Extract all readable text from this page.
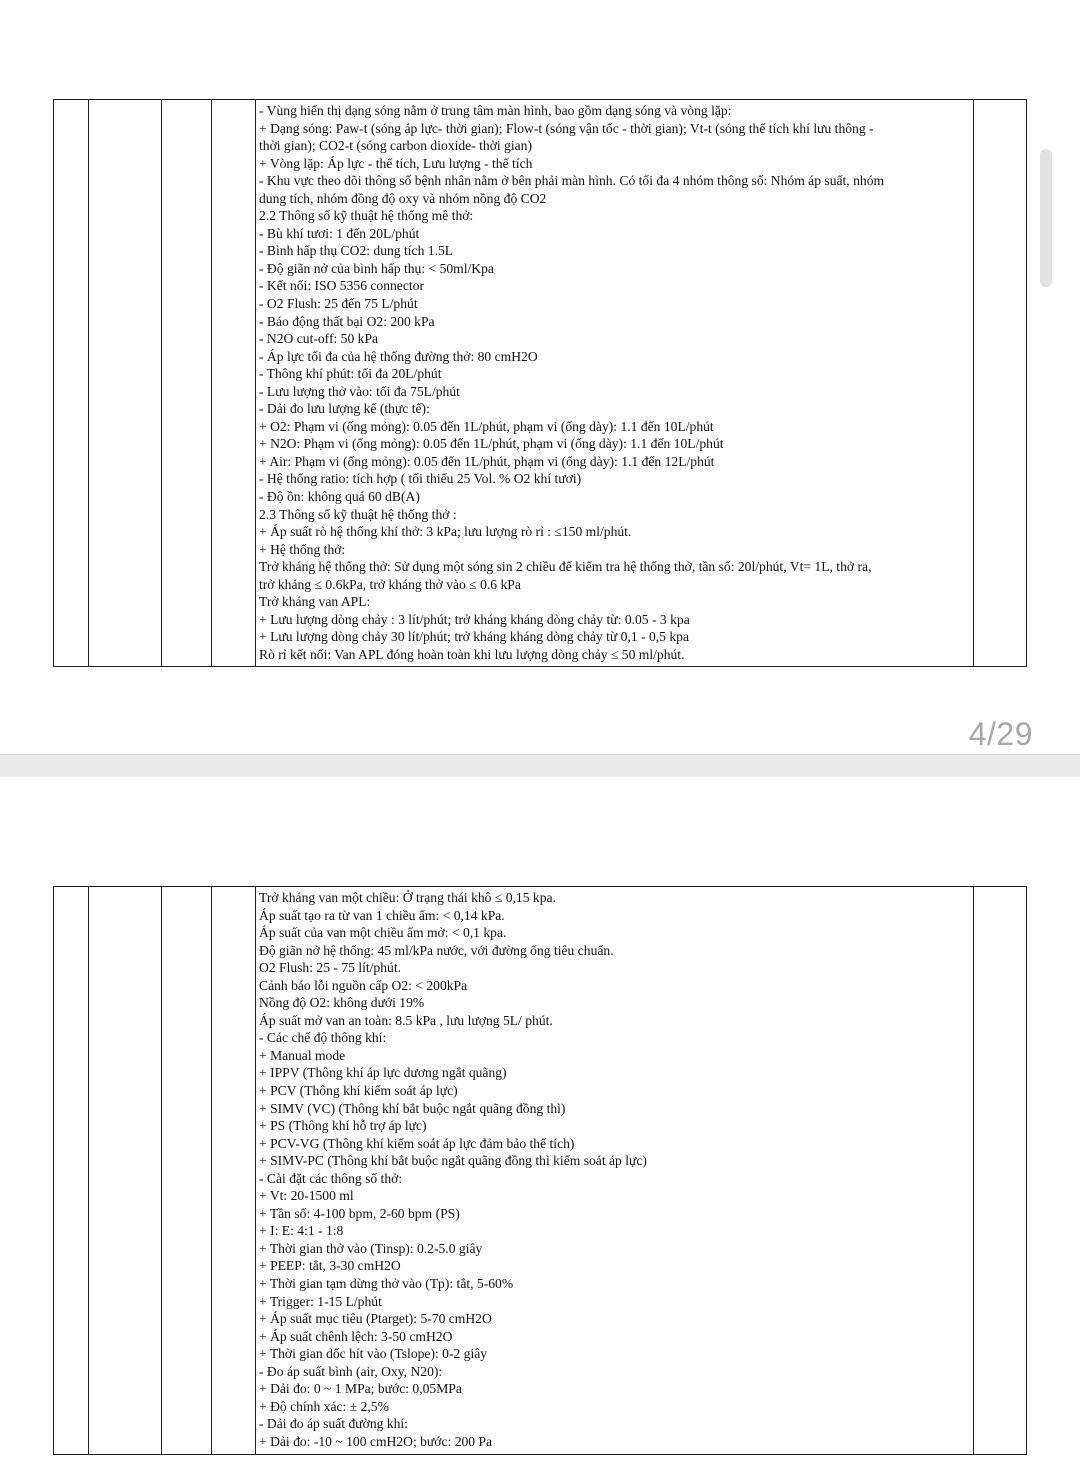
- Vùng hiển thị dạng sóng nằm ở trung tâm màn hình, bao gồm dạng sóng và vòng lặp:
+ Dạng sóng: Paw-t (sóng áp lực- thời gian); Flow-t (sóng vận tốc - thời gian); Vt-t (sóng thể tích khí lưu thông -
thời gian); CO2-t (sóng carbon dioxide- thời gian)
+ Vòng lặp: Áp lực - thể tích, Lưu lượng - thể tích
- Khu vực theo dõi thông số bệnh nhân nằm ở bên phải màn hình. Có tối đa 4 nhóm thông số: Nhóm áp suất, nhóm
dung tích, nhóm đồng độ oxy và nhóm nồng độ CO2
2.2 Thông số kỹ thuật hệ thống mê thở:
- Bù khí tươi: 1 đến 20L/phút
- Bình hấp thụ CO2: dung tích 1.5L
- Độ giãn nở của bình hấp thụ: < 50ml/Kpa
- Kết nối: ISO 5356 connector
- O2 Flush: 25 đến 75 L/phút
- Báo động thất bại O2: 200 kPa
- N2O cut-off: 50 kPa
- Áp lực tối đa của hệ thống đường thở: 80 cmH2O
- Thông khí phút: tối đa 20L/phút
- Lưu lượng thở vào: tối đa 75L/phút
- Dải đo lưu lượng kế (thực tế):
+ O2: Phạm vi (ống mỏng): 0.05 đến 1L/phút, phạm vi (ống dày): 1.1 đến 10L/phút
+ N2O: Phạm vi (ống mỏng): 0.05 đến 1L/phút, phạm vi (ống dày): 1.1 đến 10L/phút
+ Air: Phạm vi (ống mỏng): 0.05 đến 1L/phút, phạm vi (ống dày): 1.1 đến 12L/phút
- Hệ thống ratio: tích hợp ( tối thiểu 25 Vol. % O2 khí tươi)
- Độ ồn: không quá 60 dB(A)
2.3 Thông số kỹ thuật hệ thống thở :
+ Áp suất rò hệ thống khí thở: 3 kPa; lưu lượng rò rỉ : ≤150 ml/phút.
+ Hệ thống thở:
Trở kháng hệ thống thở: Sử dụng một sóng sin 2 chiều để kiểm tra hệ thống thở, tần số: 20l/phút, Vt= 1L, thở ra,
trở kháng ≤ 0.6kPa, trở kháng thở vào ≤ 0.6 kPa
Trở kháng van APL:
+ Lưu lượng dòng chảy : 3 lít/phút; trở kháng kháng dòng chảy từ: 0.05 - 3 kpa
+ Lưu lượng dòng chảy 30 lít/phút; trở kháng kháng dòng chảy từ 0,1 - 0,5 kpa
Rò rỉ kết nối: Van APL đóng hoàn toàn khi lưu lượng dòng chảy ≤ 50 ml/phút.
4/29
Trở kháng van một chiều: Ở trạng thái khô ≤ 0,15 kpa.
Áp suất tạo ra từ van 1 chiều ẩm: < 0,14 kPa.
Áp suất của van một chiều ẩm mở: < 0,1 kpa.
Độ giãn nở hệ thống: 45 ml/kPa nước, với đường ống tiêu chuẩn.
O2 Flush: 25 - 75 lít/phút.
Cảnh báo lỗi nguồn cấp O2: < 200kPa
Nồng độ O2: không dưới 19%
Áp suất mở van an toàn: 8.5 kPa , lưu lượng 5L/ phút.
- Các chế độ thông khí:
+ Manual mode
+ IPPV (Thông khí áp lực dương ngắt quãng)
+ PCV (Thông khí kiểm soát áp lực)
+ SIMV (VC) (Thông khí bắt buộc ngắt quãng đồng thì)
+ PS (Thông khí hỗ trợ áp lực)
+ PCV-VG (Thông khí kiểm soát áp lực đảm bảo thể tích)
+ SIMV-PC (Thông khí bắt buộc ngắt quãng đồng thì kiểm soát áp lực)
- Cài đặt các thông số thở:
+ Vt: 20-1500 ml
+ Tần số: 4-100 bpm, 2-60 bpm (PS)
+ I: E: 4:1 - 1:8
+ Thời gian thở vào (Tinsp): 0.2-5.0 giây
+ PEEP: tắt, 3-30 cmH2O
+ Thời gian tạm dừng thở vào (Tp): tắt, 5-60%
+ Trigger: 1-15 L/phút
+ Áp suất mục tiêu (Ptarget): 5-70 cmH2O
+ Áp suất chênh lệch: 3-50 cmH2O
+ Thời gian dốc hít vào (Tslope): 0-2 giây
- Đo áp suất bình (air, Oxy, N20):
+ Dải đo: 0 ~ 1 MPa; bước: 0,05MPa
+ Độ chính xác: ± 2,5%
- Dải đo áp suất đường khí:
+ Dải đo: -10 ~ 100 cmH2O; bước: 200 Pa
